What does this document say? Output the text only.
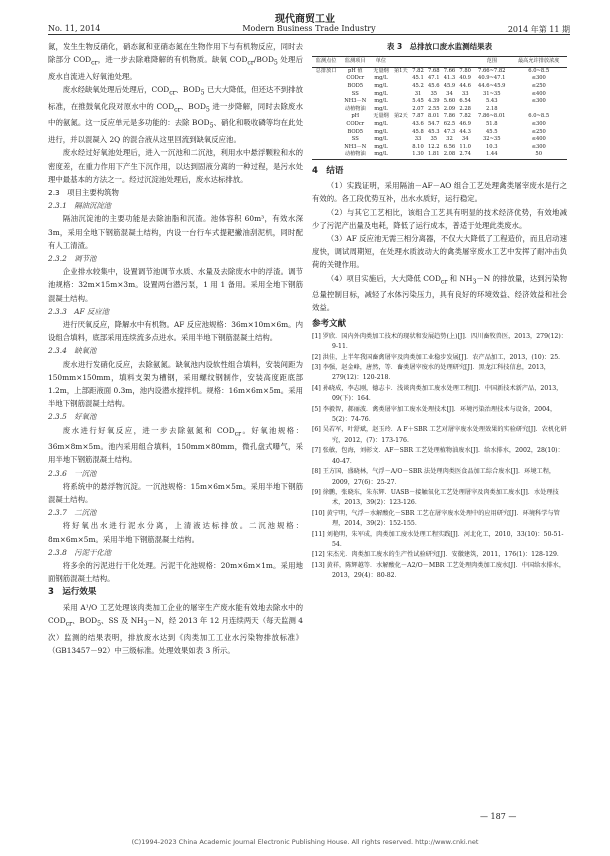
现代商贸工业
No. 11, 2014	Modern Business Trade Industry	2014 年第 11 期

氮，发生生物反硝化，硝态氮和亚硝态氮在生物作用下与有机物反应，同时去除部分 $COD_{cr}$，进一步去除难降解的有机物质。缺氧 $COD_{cr}/BOD_5$ 处理后废水自流进入好氧池处理。

废水经缺氧处理后处理后，$COD_{cr}$、$BOD_5$ 已大大降低，但还达不到排放标准，在推鼓氧化段对原水中的 $COD_{cr}$、$BOD_5$ 进一步降解，同时去除废水中的氨氮。这一反应单元是多功能的：去除 $BOD_5$、硝化和吸收磷等均在此处进行，并以混凝入 2Q 的混合液从这里回流到缺氧反应池。

废水经过好氧池处理后，进入一沉池和二沉池，利用水中悬浮颗粒和水的密度差，在重力作用下产生下沉作用，以达到固液分离的一种过程，是污水处理中最基本的方法之一。经过沉淀池处理后，废水达标排放。

2.3　项目主要构筑物
2.3.1　隔油沉淀池

隔油沉淀池的主要功能是去除油脂和沉渣。池体容积 60m³，有效水深 3m，采用全地下钢筋混凝土结构，内设一台行车式提耙撇油刮泥机，同时配有人工清渣。

2.3.2　调节池

企业排水较集中，设置调节池调节水质、水量及去除废水中的浮渣。调节池规格：32m×15m×3m。设置两台潜污泵，1 用 1 备用。采用全地下钢筋混凝土结构。

2.3.3　AF 反应池

进行厌氧反应，降解水中有机物。AF 反应池规格：36m×10m×6m。内设组合填料，底部采用连续流多点进水。采用半地下钢筋混凝土结构。

2.3.4　缺氧池

废水进行发硝化反应，去除氨氮。缺氧池内设软性组合填料，安装间距为 150mm×150mm，填料支架为槽钢，采用螺纹钢制作，安装高度距底部 1.2m，上部距液面 0.3m，池内设潜水搅拌机。规格：16m×6m×5m。采用半地下钢筋混凝土结构。

2.3.5　好氧池

废水进行好氧反应，进一步去除氨氮和 $COD_{cr}$。好氧池规格：36m×8m×5m。池内采用组合填料，150mm×80mm，微孔盘式曝气，采用半地下钢筋混凝土结构。

2.3.6　一沉池

将系统中的悬浮物沉淀。一沉池规格：15m×6m×5m。采用半地下钢筋混凝土结构。

2.3.7　二沉池

将好氧出水进行泥水分离，上清液达标排放。二沉池规格：8m×6m×5m。采用半地下钢筋混凝土结构。

2.3.8　污泥干化池

将多余的污泥进行干化处理。污泥干化池规格：20m×6m×1m。采用地面钢筋混凝土结构。

3　运行效果

采用 A¹/O 工艺处理该肉类加工企业的屠宰生产废水能有效地去除水中的 $COD_{cr}$、$BOD_5$、SS 及 $NH_3-N$，经 2013 年 12 月连续两天（每天监测 4 次）监测的结果表明，排放废水达到《肉类加工工业水污染物排放标准》（GB13457－92）中三级标准。处理效果如表 3 所示。

表 3　总排放口废水监测结果表
监测点位	监测项目	单位						范围	最高允许排放浓度
总排放口	pH 值	无量纲	第1天	7.82	7.68	7.66	7.80	7.66~7.82	6.0~8.5
	CODcr	mg/L		45.1	47.1	41.3	40.9	40.9~47.1	≤300
	BOD5	mg/L		45.2	45.6	45.9	44.6	44.6~45.9	≤250
	SS	mg/L		31	35	34	33	31~35	≤400
	NH3－N	mg/L		5.45	4.39	5.60	6.54	5.43	≤300
	动植物油	mg/L		2.07	2.55	2.09	2.28	2.18	
	pH	无量纲	第2天	7.87	8.01	7.86	7.82	7.86~8.01	6.0~8.5
	CODcr	mg/L		43.6	54.7	62.5	46.9	51.8	≤300
	BOD5	mg/L		45.8	45.3	47.3	44.3	45.5	≤250
	SS	mg/L		33	35	32	34	32~35	≤400
	NH3－N	mg/L		8.10	12.2	6.56	11.0	10.3	≤300
	动植物油	mg/L		1.30	1.81	2.08	2.74	1.44	50
4　结语

（1）实践证明，采用隔油－AF－AO 组合工艺处理禽类屠宰废水是行之有效的。各工段优势互补，出水水质好，运行稳定。

（2）与其它工艺相比，该组合工艺具有明显的技术经济优势，有效地减少了污泥产出量及电耗，降低了运行成本，普适于处理此类废水。

（3）AF 反应池无需三相分离器，不仅大大降低了工程造价，而且启动速度快，调试周期短，在处理水质波动大的禽类屠宰废水工艺中发挥了耐冲击负荷的关键作用。

（4）项目实施后，大大降低 $COD_{cr}$ 和 $NH_3-N$ 的排放量，达到污染物总量控制目标，减轻了水体污染压力，具有良好的环境效益、经济效益和社会效益。

参考文献
[1] 罗欣．国内外肉类加工技术的现状和发展趋势(上)[J]．四川畜牧兽医，2013，279(12)：9-11．
[2] 洪佳，上半年我国畜禽屠宰及肉类加工业稳步发展[J]．农产品加工，2013，(10)：25．
[3] 李强，赵金峰，唐然，等．畜类屠宰废水的处理研究[J]．黑龙江科技信息，2013，279(12)：120-218．
[4] 孙晓成，李志刚，德志卡．浅谈肉类加工废水处理工程[J]．中国新技术新产品，2013，09(下)：164．
[5] 李毅智，郝丽波．禽类屠宰加工废水处理技术[J]．环境污染治理技术与设备，2004，5(2)：74-76．
[6] 吴若军，叶舒斌，赵玉玲．A F＋SBR 工艺对屠宰废水处理效果的实验研究[J]．农机化研究，2012，(7)：173-176．
[7] 张敏，包海，刘彰文．AF－SBR 工艺处理植物油废水[J]．给水排水，2002，28(10)：40-47．
[8] 王方国，盛晓林，气浮－A/O－SBR 法处理肉类医食品加工综合废水[J]．环境工程，2009，27(6)：25-27．
[9] 徐鹏，张晓东，朱东辉．UASB－接触氧化工艺处理屠宰及肉类加工废水[J]．水处理技术，2013，39(2)：123-126．
[10] 黄宁明，气浮－水解酸化－SBR 工艺在屠宰废水处理中的应用研究[J]．环境科学与管理，2014，39(2)：152-155．
[11] 刘艳明，朱军成，肉类加工废水处理工程实践[J]．河北化工，2010，33(10)：50-51-54．
[12] 宋杰光．肉类加工废水的生产性试验研究[J]．安徽建筑，2011，176(1)：128-129．
[13] 黄祥，陈辉越等．水解酸化－A2/O－MBR 工艺处理肉类加工废水[J]．中国给水排水，2013，29(4)：80-82．
— 187 —
(C)1994-2023 China Academic Journal Electronic Publishing House. All rights reserved. http://www.cnki.net
